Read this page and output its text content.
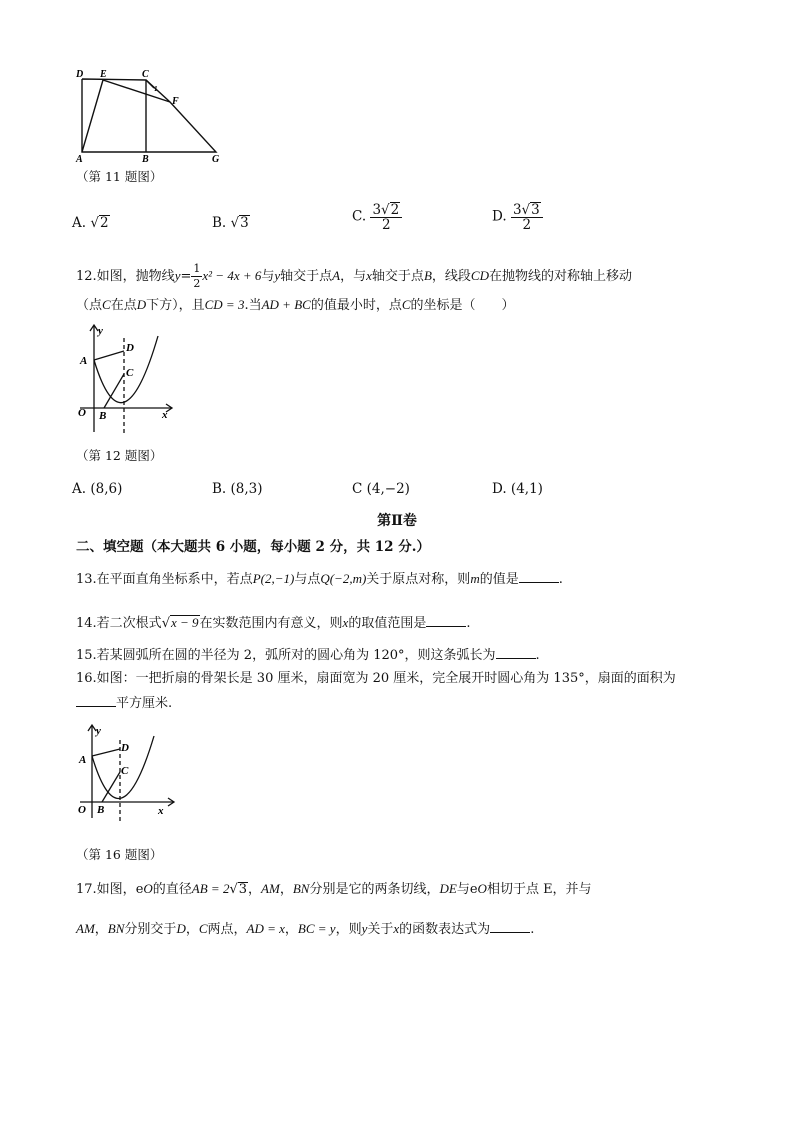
D E	C
1
F
A	B	G
（第 11 题图）
A. √2	B. √3	C. $\frac{3√2}{2}$	D. $\frac{3√3}{2}$
12.如图，抛物线$y= \frac{1}{2} x^2 - 4x + 6$与y轴交于点A，与x轴交于点B，线段CD在抛物线的对称轴上移动
（点C在点D下方），且CD = 3.当AD + BC的值最小时，点C的坐标是（　　）
y
A
D
C
O B	x
（第 12 题图）
A. (8,6)	B. (8,3)	C (4,−2)	D. (4,1)
第Ⅱ卷
二、填空题（本大题共 6 小题，每小题 2 分，共 12 分.）
13.在平面直角坐标系中，若点P(2,−1)与点Q(−2,m)关于原点对称，则m的值是	.
14.若二次根式√x − 9在实数范围内有意义，则x的取值范围是	.
15.若某圆弧所在圆的半径为 2，弧所对的圆心角为 120°，则这条弧长为	.
16.如图：一把折扇的骨架长是 30 厘米，扇面宽为 20 厘米，完全展开时圆心角为 135°，扇面的面积为
平方厘米.
y
A
D
C
O B	x
（第 16 题图）
17.如图，eO的直径AB = 2√3，AM，BN分别是它的两条切线，DE与eO相切于点 E，并与
AM，BN分别交于D，C两点，AD = x，BC = y，则y关于x的函数表达式为	.
